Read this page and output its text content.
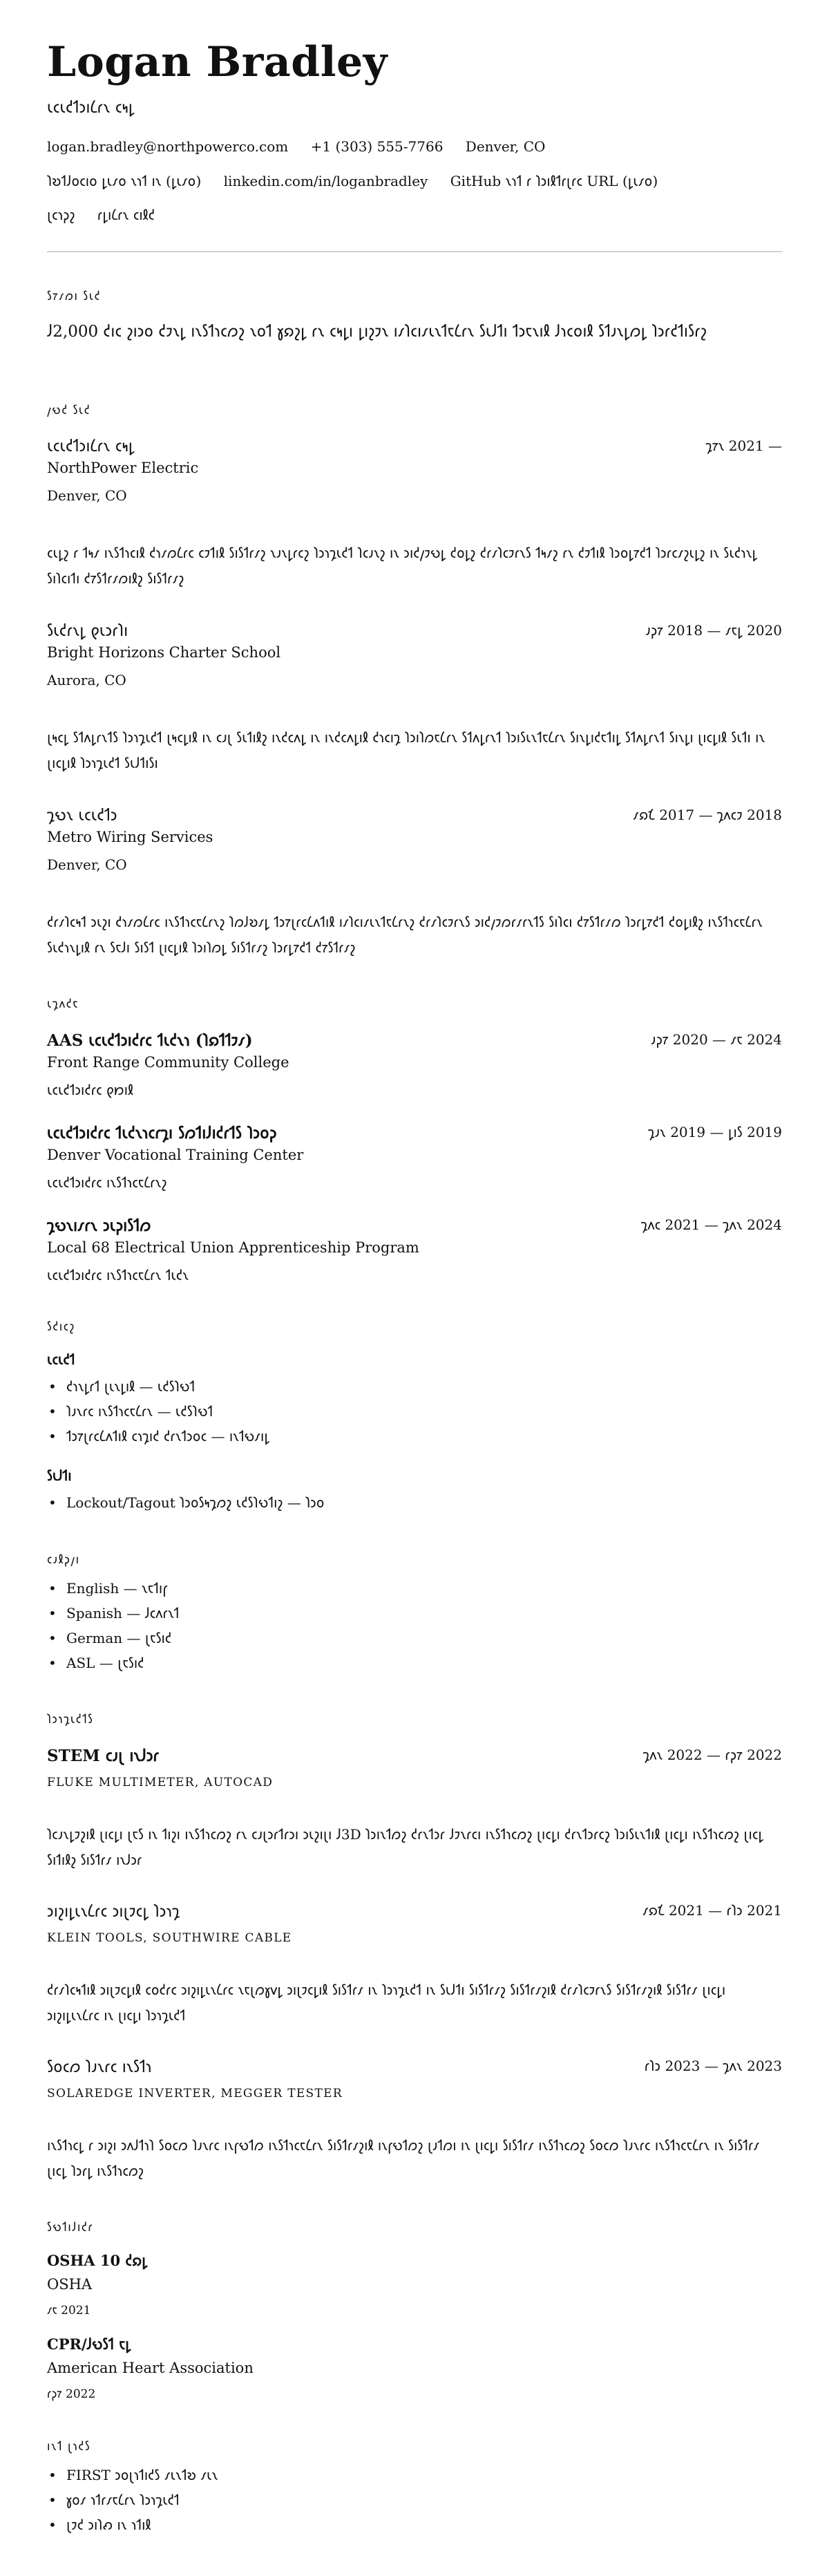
Logan Bradley
𐑧𐑤𐑧𐑒𐑑𐑮𐑦𐑖𐑩𐑯 𐑤𐑰𐑛
logan.bradley@northpowerco.com +1 (303) 555-7766 Denver, CO
𐑐𐑹𐑑𐑓𐑴𐑤𐑦𐑴 𐑛𐑧𐑥𐑴 𐑯𐑪𐑑 𐑦𐑯 (𐑛𐑧𐑥𐑴) linkedin.com/in/loganbradley GitHub 𐑯𐑪𐑑 𐑩 𐑐𐑮𐑦𐑙𐑑𐑩𐑚𐑩𐑤 URL (𐑛𐑧𐑥𐑴)
𐑚𐑤𐑪𐑜𐑟 𐑩𐑛𐑦𐑖𐑩𐑯 𐑤𐑦𐑙𐑒
𐑕𐑳𐑥𐑼𐑦 𐑕𐑧𐑒

𐑓2,000 𐑒𐑦𐑤 𐑟𐑦𐑮𐑴 𐑒𐑲𐑯𐑛 𐑦𐑯𐑕𐑑𐑪𐑤𐑼𐑟 𐑯𐑴𐑑 𐑣𐑸𐑟𐑛 𐑩𐑯 𐑤𐑰𐑛𐑦 𐑛𐑦𐑟𐑲𐑯 𐑦𐑥𐑐𐑤𐑦𐑥𐑧𐑯𐑑𐑱𐑖𐑩𐑯 𐑕𐑧𐑓𐑑𐑦 𐑑𐑮𐑱𐑯𐑦𐑙 𐑓𐑪𐑤𐑴𐑦𐑙 𐑕𐑑𐑨𐑯𐑛𐑼𐑛 𐑐𐑮𐑩𐑒𐑑𐑦𐑕𐑩𐑟

𐑢𐑻𐑒 𐑕𐑧𐑒
𐑧𐑤𐑧𐑒𐑑𐑮𐑦𐑖𐑩𐑯 𐑤𐑰𐑛	𐑡𐑳𐑯 2021 —
NorthPower Electric
Denver, CO

𐑤𐑧𐑛𐑟 𐑩 𐑑𐑰𐑥 𐑦𐑯𐑕𐑑𐑪𐑤𐑦𐑙 𐑒𐑪𐑥𐑼𐑖𐑩𐑤 𐑤𐑲𐑑𐑦𐑙 𐑕𐑦𐑕𐑑𐑩𐑥𐑟 𐑯𐑨𐑯𐑛𐑩𐑤𐑟 𐑐𐑮𐑪𐑡𐑧𐑒𐑑 𐑐𐑤𐑨𐑯𐑟 𐑦𐑯 𐑮𐑦𐑒𐑢𐑲𐑻𐑛 𐑒𐑴𐑛𐑟 𐑒𐑩𐑥𐑐𐑤𐑲𐑩𐑯𐑕 𐑑𐑰𐑥𐑟 𐑩𐑯 𐑒𐑲𐑑𐑦𐑙 𐑐𐑮𐑴𐑛𐑳𐑒𐑑 𐑐𐑮𐑩𐑤𐑥𐑟𐑧𐑛𐑟 𐑦𐑯 𐑕𐑧𐑒𐑪𐑯𐑛 𐑕𐑦𐑐𐑤𐑦𐑑𐑦 𐑒𐑳𐑕𐑑𐑩𐑥𐑼𐑦𐑙𐑟 𐑕𐑦𐑕𐑑𐑩𐑥𐑟

𐑕𐑧𐑒𐑩𐑯𐑛 𐑞𐑧𐑮𐑩𐑐𐑦	𐑨𐑜𐑳 2018 — 𐑥𐑱𐑛 2020
Bright Horizons Charter School
Aurora, CO

𐑚𐑰𐑤𐑛 𐑕𐑑𐑵𐑛𐑩𐑯𐑑𐑕 𐑐𐑮𐑪𐑡𐑧𐑒𐑑 𐑚𐑰𐑤𐑛𐑦𐑙 𐑦𐑯 𐑤𐑨𐑚 𐑕𐑧𐑑𐑦𐑙𐑟 𐑦𐑯𐑒𐑤𐑵𐑛 𐑦𐑯 𐑦𐑯𐑒𐑤𐑵𐑛𐑦𐑙 𐑒𐑪𐑤𐑦𐑡 𐑐𐑮𐑦𐑐𐑼𐑱𐑖𐑩𐑯 𐑕𐑑𐑵𐑛𐑩𐑯𐑑 𐑐𐑮𐑦𐑕𐑧𐑯𐑑𐑱𐑖𐑩𐑯 𐑕𐑦𐑯𐑛𐑦𐑒𐑱𐑑𐑦𐑛 𐑕𐑑𐑵𐑛𐑩𐑯𐑑 𐑕𐑦𐑯𐑛𐑦 𐑚𐑦𐑤𐑛𐑦𐑙 𐑕𐑧𐑑𐑦 𐑦𐑯 𐑚𐑦𐑤𐑛𐑦𐑙 𐑐𐑮𐑪𐑡𐑧𐑒𐑑 𐑕𐑧𐑓𐑑𐑦𐑕𐑦

𐑡𐑻𐑯 𐑧𐑤𐑧𐑒𐑑𐑮	𐑥𐑸𐑗 2017 — 𐑡𐑵𐑤𐑲 2018
Metro Wiring Services
Denver, CO

𐑒𐑩𐑥𐑐𐑤𐑰𐑑 𐑮𐑧𐑟𐑦 𐑒𐑪𐑥𐑼𐑖𐑩𐑤 𐑦𐑯𐑕𐑑𐑪𐑤𐑱𐑖𐑩𐑯𐑟 𐑐𐑼𐑓𐑹𐑥𐑛 𐑑𐑮𐑳𐑚𐑩𐑤𐑖𐑵𐑑𐑦𐑙 𐑦𐑥𐑐𐑤𐑦𐑥𐑧𐑯𐑑𐑱𐑖𐑩𐑯𐑟 𐑒𐑩𐑥𐑐𐑤𐑲𐑩𐑯𐑕 𐑮𐑦𐑒𐑢𐑲𐑼𐑩𐑥𐑩𐑯𐑑𐑕 𐑕𐑦𐑐𐑤𐑦 𐑒𐑳𐑕𐑑𐑩𐑥𐑼 𐑐𐑮𐑩𐑛𐑳𐑒𐑑 𐑒𐑴𐑛𐑦𐑙𐑟 𐑦𐑯𐑕𐑑𐑪𐑤𐑱𐑖𐑩𐑯 𐑕𐑧𐑒𐑪𐑯𐑛𐑦𐑙 𐑩𐑯 𐑕𐑱𐑓𐑦 𐑕𐑦𐑕𐑑 𐑚𐑦𐑤𐑛𐑦𐑙 𐑐𐑮𐑦𐑐𐑼𐑛 𐑕𐑦𐑕𐑑𐑩𐑥𐑟 𐑐𐑮𐑩𐑛𐑳𐑒𐑑 𐑒𐑳𐑕𐑑𐑩𐑥𐑟

𐑧𐑡𐑵𐑒𐑱
AAS 𐑧𐑤𐑧𐑒𐑑𐑮𐑦𐑒𐑩𐑤 𐑑𐑧𐑒𐑯𐑪 (𐑐𐑸𐑑𐑑𐑲𐑥)	𐑨𐑜𐑳 2020 — 𐑥𐑱 2024
Front Range Community College
𐑧𐑤𐑧𐑒𐑑𐑮𐑦𐑒𐑩𐑤 𐑞𐑽𐑦𐑙
𐑧𐑤𐑧𐑒𐑑𐑮𐑦𐑒𐑩𐑤 𐑑𐑧𐑒𐑯𐑪𐑤𐑩𐑡𐑦 𐑕𐑼𐑑𐑦𐑓𐑦𐑒𐑩𐑑𐑕 𐑐𐑮𐑴𐑜	𐑡𐑨𐑯 2019 — 𐑛𐑦𐑕 2019
Denver Vocational Training Center
𐑧𐑤𐑧𐑒𐑑𐑮𐑦𐑒𐑩𐑤 𐑦𐑯𐑕𐑑𐑪𐑤𐑱𐑖𐑩𐑯𐑟
𐑡𐑻𐑯𐑦𐑥𐑩𐑯 𐑮𐑧𐑜𐑦𐑕𐑑𐑼	𐑡𐑵𐑤 2021 — 𐑡𐑵𐑯 2024
Local 68 Electrical Union Apprenticeship Program
𐑧𐑤𐑧𐑒𐑑𐑮𐑦𐑒𐑩𐑤 𐑦𐑯𐑕𐑑𐑪𐑤𐑱𐑖𐑩𐑯 𐑑𐑧𐑒𐑯
𐑕𐑒𐑦𐑤𐑟
𐑧𐑤𐑧𐑒𐑑
• 𐑒𐑪𐑯𐑛𐑩𐑑 𐑚𐑧𐑯𐑛𐑦𐑙 — 𐑧𐑒𐑕𐑐𐑻𐑑
• 𐑐𐑨𐑯𐑩𐑤 𐑦𐑯𐑕𐑑𐑪𐑤𐑱𐑖𐑩𐑯 — 𐑧𐑒𐑕𐑐𐑻𐑑
• 𐑑𐑮𐑳𐑚𐑩𐑤𐑖𐑵𐑑𐑦𐑙 𐑤𐑪𐑡𐑦𐑒 𐑒𐑩𐑯𐑑𐑮𐑴𐑤 — 𐑦𐑯𐑑𐑻𐑥𐑦𐑛
𐑕𐑧𐑓𐑑𐑦
• Lockout/Tagout 𐑐𐑮𐑴𐑕𐑰𐑡𐑼𐑟 𐑧𐑒𐑕𐑐𐑻𐑑𐑦𐑟 — 𐑐𐑮𐑴
𐑤𐑨𐑙𐑜𐑢𐑦
• English — 𐑯𐑱𐑑𐑦𐑝
• Spanish — 𐑓𐑤𐑵𐑩𐑯𐑑
• German — 𐑚𐑱𐑕𐑦𐑒
• ASL — 𐑚𐑱𐑕𐑦𐑒
𐑐𐑮𐑪𐑡𐑧𐑒𐑑𐑕
STEM 𐑤𐑨𐑚 𐑦𐑯𐑓𐑮𐑩	𐑡𐑵𐑯 2022 — 𐑩𐑜𐑳 2022
FLUKE MULTIMETER, AUTOCAD

𐑐𐑤𐑨𐑯𐑛𐑲𐑟𐑦𐑙 𐑚𐑦𐑤𐑛𐑦 𐑚𐑱𐑕 𐑦𐑯 𐑑𐑦𐑟𐑦 𐑦𐑯𐑕𐑑𐑪𐑤𐑼𐑟 𐑩𐑯 𐑤𐑨𐑚𐑮𐑩𐑑𐑩𐑮𐑦 𐑮𐑧𐑟𐑦𐑚𐑦 𐑓3D 𐑐𐑮𐑦𐑯𐑑𐑼𐑟 𐑒𐑩𐑯𐑑𐑮𐑩 𐑓𐑲𐑯𐑩𐑤𐑦 𐑦𐑯𐑕𐑑𐑪𐑤𐑼𐑟 𐑚𐑦𐑤𐑛𐑦 𐑒𐑩𐑯𐑑𐑮𐑩𐑤𐑟 𐑐𐑮𐑦𐑕𐑧𐑯𐑑𐑦𐑙 𐑚𐑦𐑤𐑛𐑦 𐑦𐑯𐑕𐑑𐑪𐑤𐑼𐑟 𐑚𐑦𐑤𐑛 𐑕𐑦𐑑𐑦𐑙𐑟 𐑕𐑦𐑕𐑑𐑩𐑥 𐑦𐑯𐑓𐑮𐑩

𐑮𐑦𐑟𐑦𐑛𐑧𐑯𐑖𐑩𐑤 𐑮𐑦𐑚𐑲𐑤𐑛 𐑐𐑮𐑪𐑡	𐑥𐑸𐑗 2021 — 𐑩𐑐𐑮 2021
KLEIN TOOLS, SOUTHWIRE CABLE

𐑒𐑩𐑥𐑐𐑤𐑰𐑑𐑦𐑙 𐑮𐑦𐑚𐑲𐑤𐑛𐑦𐑙 𐑤𐑴𐑒𐑩𐑤 𐑮𐑦𐑟𐑦𐑛𐑧𐑯𐑖𐑩𐑤 𐑯𐑱𐑚𐑼𐑣𐑫𐑛 𐑮𐑦𐑚𐑲𐑤𐑛𐑦𐑙 𐑕𐑦𐑕𐑑𐑩𐑥 𐑦𐑯 𐑐𐑮𐑪𐑡𐑧𐑒𐑑 𐑦𐑯 𐑕𐑧𐑓𐑑𐑦 𐑕𐑦𐑕𐑑𐑩𐑥𐑟 𐑕𐑦𐑕𐑑𐑩𐑥𐑟𐑦𐑙 𐑒𐑩𐑥𐑐𐑤𐑲𐑩𐑯𐑕 𐑕𐑦𐑕𐑑𐑩𐑥𐑟𐑦𐑙 𐑕𐑦𐑕𐑑𐑩𐑥 𐑚𐑦𐑤𐑛𐑦 𐑮𐑦𐑟𐑦𐑛𐑧𐑯𐑖𐑩𐑤 𐑦𐑯 𐑚𐑦𐑤𐑛𐑦 𐑐𐑮𐑪𐑡𐑧𐑒𐑑

𐑕𐑴𐑤𐑼 𐑐𐑨𐑯𐑩𐑤 𐑦𐑯𐑕𐑑𐑪	𐑩𐑐𐑮 2023 — 𐑡𐑵𐑯 2023
SOLAREDGE INVERTER, MEGGER TESTER

𐑦𐑯𐑕𐑑𐑪𐑤𐑛 𐑩 𐑮𐑦𐑟𐑦 𐑮𐑵𐑓𐑑𐑪𐑐 𐑕𐑴𐑤𐑼 𐑐𐑨𐑯𐑩𐑤 𐑦𐑯𐑝𐑻𐑑𐑼 𐑦𐑯𐑕𐑑𐑪𐑤𐑱𐑖𐑩𐑯 𐑕𐑦𐑕𐑑𐑩𐑥𐑟𐑦𐑙 𐑦𐑯𐑝𐑻𐑑𐑼𐑟 𐑚𐑨𐑑𐑼𐑦 𐑦𐑯 𐑚𐑦𐑤𐑛𐑦 𐑕𐑦𐑕𐑑𐑩𐑥 𐑦𐑯𐑕𐑑𐑪𐑤𐑼𐑟 𐑕𐑴𐑤𐑼 𐑐𐑨𐑯𐑩𐑤 𐑦𐑯𐑕𐑑𐑪𐑤𐑱𐑖𐑩𐑯 𐑦𐑯 𐑕𐑦𐑕𐑑𐑩𐑥 𐑚𐑦𐑤𐑛 𐑐𐑮𐑩𐑛 𐑦𐑯𐑕𐑑𐑪𐑤𐑼𐑟

𐑕𐑻𐑑𐑦𐑓𐑦𐑒𐑩
OSHA 10 𐑒𐑸𐑛
OSHA
𐑥𐑱 2021
CPR/𐑓𐑻𐑕𐑑 𐑱𐑛
American Heart Association
𐑩𐑜𐑳 2022
𐑦𐑯𐑑 𐑚𐑪𐑒𐑕
• FIRST 𐑮𐑴𐑚𐑪𐑑𐑦𐑒𐑕 𐑥𐑧𐑯𐑑𐑹 𐑥𐑧𐑯
• 𐑣𐑴𐑥 𐑪𐑑𐑩𐑥𐑱𐑖𐑩𐑯 𐑐𐑮𐑪𐑡𐑧𐑒𐑑
• 𐑚𐑲𐑒 𐑮𐑦𐑐𐑺 𐑦𐑯 𐑪𐑑𐑦𐑙
